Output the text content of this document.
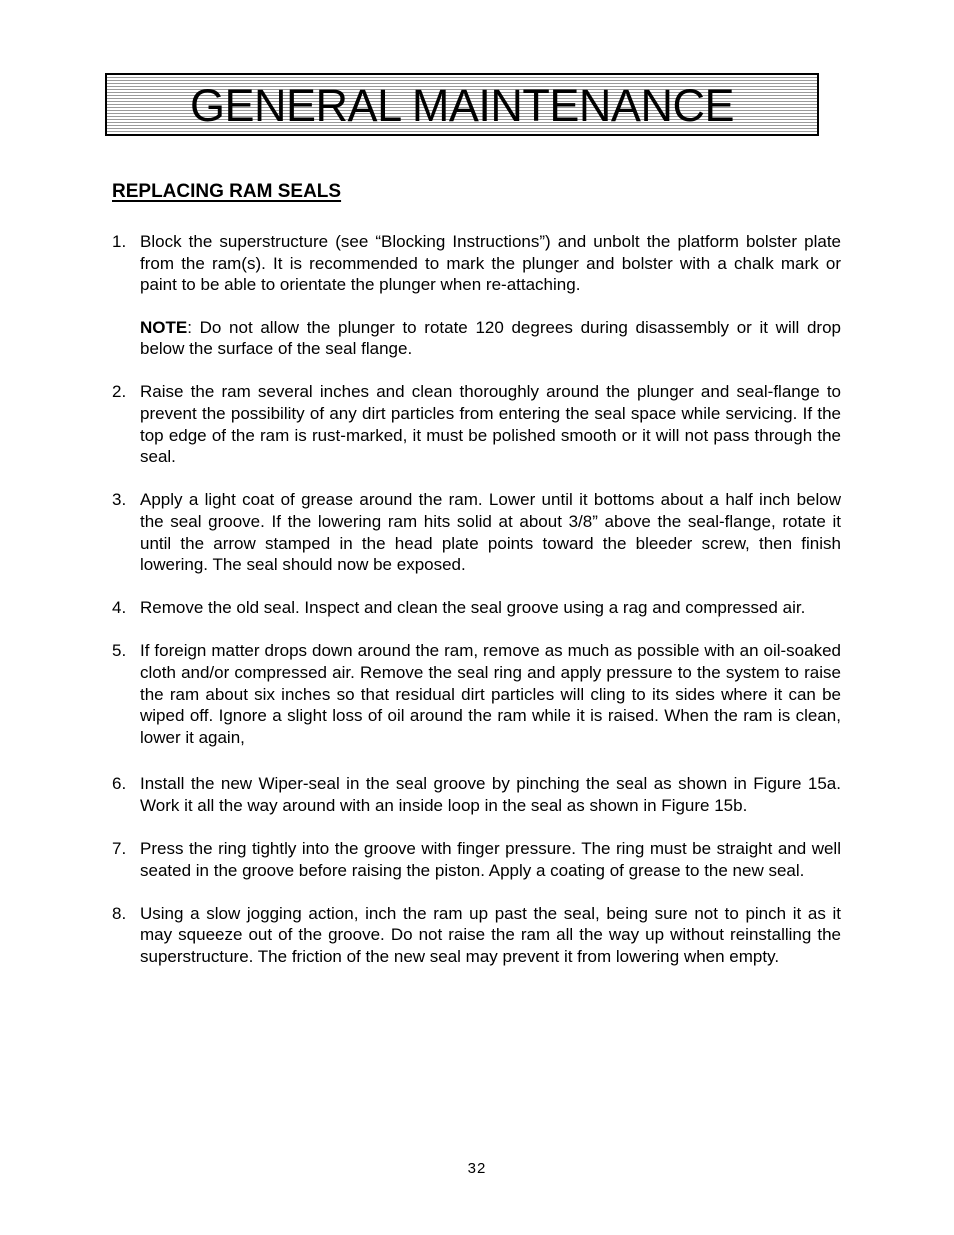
GENERAL MAINTENANCE
REPLACING RAM SEALS
1. Block the superstructure (see “Blocking Instructions”) and unbolt the platform bolster plate from the ram(s). It is recommended to mark the plunger and bolster with a chalk mark or paint to be able to orientate the plunger when re-attaching.
NOTE: Do not allow the plunger to rotate 120 degrees during disassembly or it will drop below the surface of the seal flange.
2. Raise the ram several inches and clean thoroughly around the plunger and seal-flange to prevent the possibility of any dirt particles from entering the seal space while servicing. If the top edge of the ram is rust-marked, it must be polished smooth or it will not pass through the seal.
3. Apply a light coat of grease around the ram. Lower until it bottoms about a half inch below the seal groove. If the lowering ram hits solid at about 3/8” above the seal-flange, rotate it until the arrow stamped in the head plate points toward the bleeder screw, then finish lowering. The seal should now be exposed.
4. Remove the old seal. Inspect and clean the seal groove using a rag and compressed air.
5. If foreign matter drops down around the ram, remove as much as possible with an oil-soaked cloth and/or compressed air. Remove the seal ring and apply pressure to the system to raise the ram about six inches so that residual dirt particles will cling to its sides where it can be wiped off. Ignore a slight loss of oil around the ram while it is raised. When the ram is clean, lower it again,
6. Install the new Wiper-seal in the seal groove by pinching the seal as shown in Figure 15a. Work it all the way around with an inside loop in the seal as shown in Figure 15b.
7. Press the ring tightly into the groove with finger pressure. The ring must be straight and well seated in the groove before raising the piston. Apply a coating of grease to the new seal.
8. Using a slow jogging action, inch the ram up past the seal, being sure not to pinch it as it may squeeze out of the groove. Do not raise the ram all the way up without reinstalling the superstructure. The friction of the new seal may prevent it from lowering when empty.
32
